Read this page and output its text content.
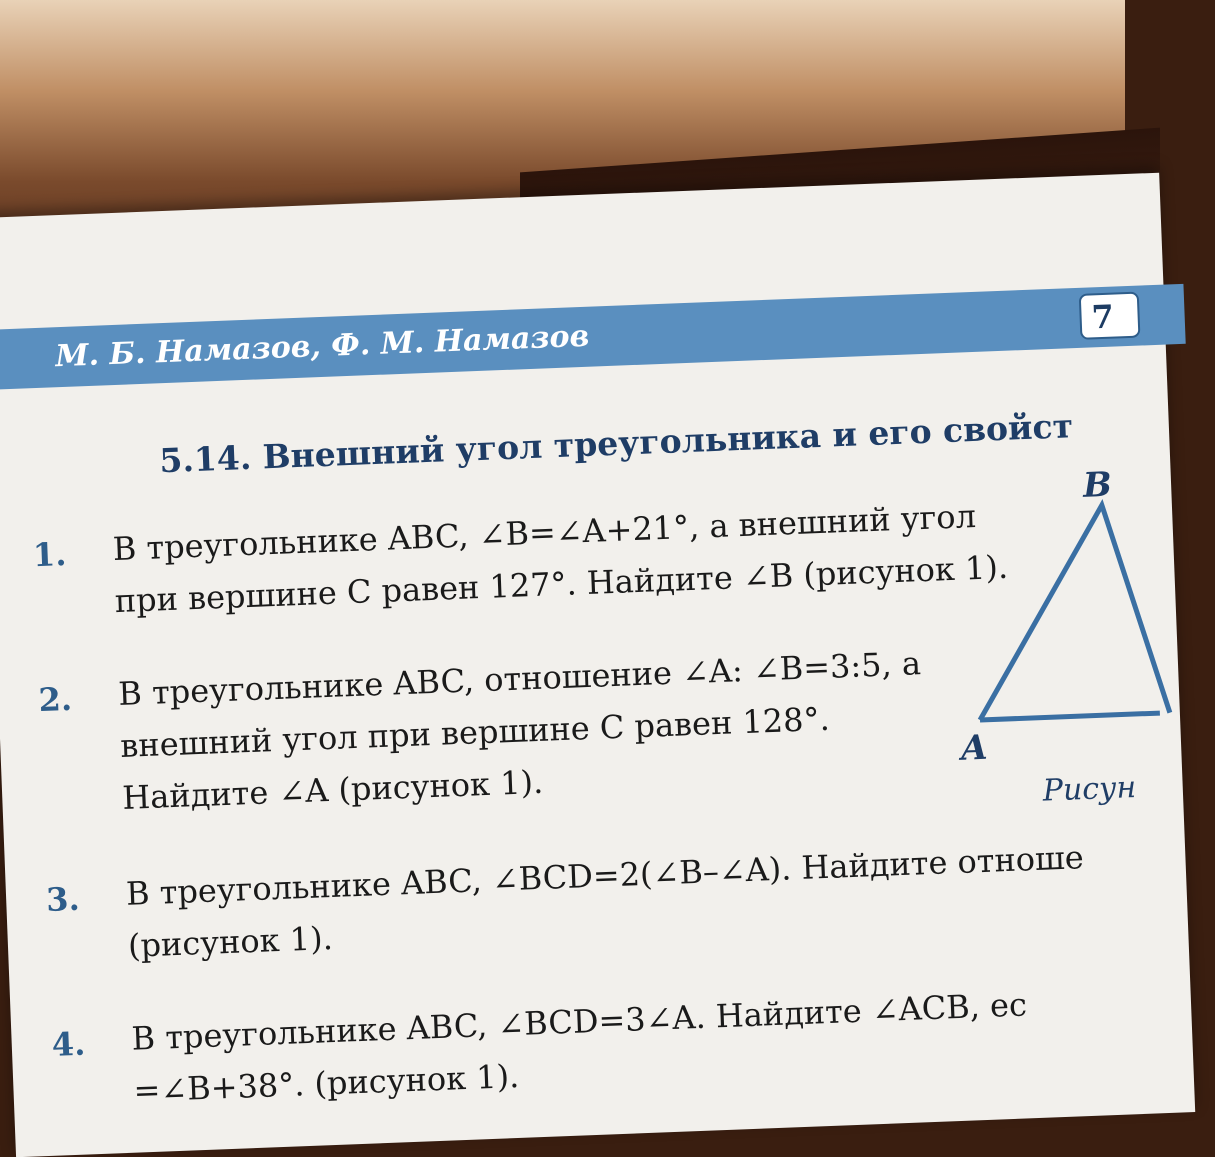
М. Б. Намазов, Ф. М. Намазов
7
5.14. Внешний угол треугольника и его свойст
1. В треугольнике ABC, ∠B=∠A+21°, а внешний угол
при вершине C равен 127°. Найдите ∠B (рисунок 1).
2. В треугольнике ABC, отношение ∠A: ∠B=3:5, а
внешний угол при вершине C равен 128°.
Найдите ∠A (рисунок 1).
3. В треугольнике ABC, ∠BCD=2(∠B–∠A). Найдите отноше
(рисунок 1).
4. В треугольнике ABC, ∠BCD=3∠A. Найдите ∠ACB, ес
=∠B+38°. (рисунок 1).
B
A
Рисун
